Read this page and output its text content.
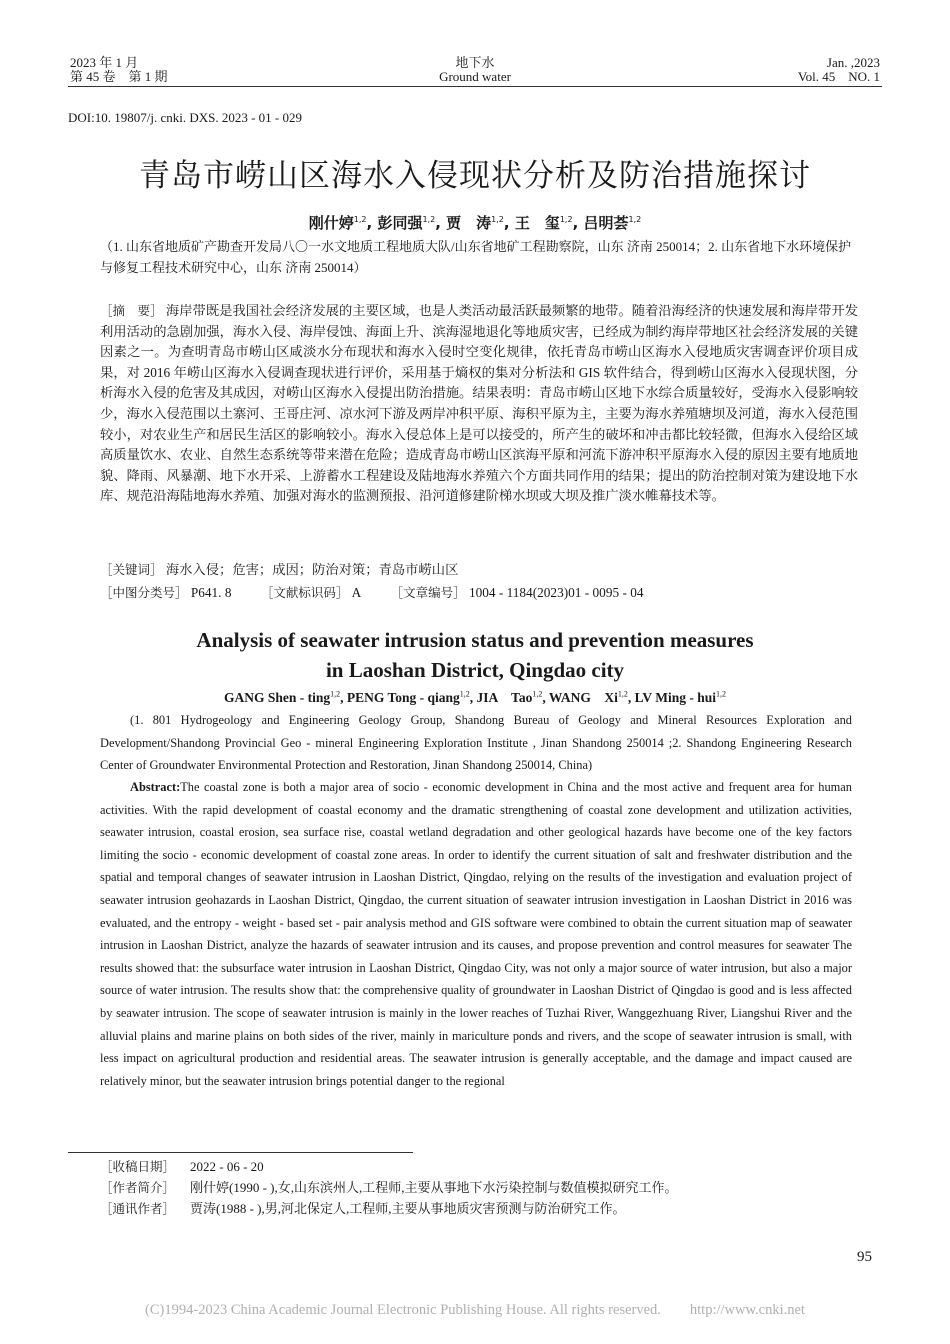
2023 年 1 月
第 45 卷　第 1 期
地下水
Ground water
Jan. ,2023
Vol. 45　NO. 1
DOI:10. 19807/j. cnki. DXS. 2023 - 01 - 029
青岛市崂山区海水入侵现状分析及防治措施探讨
刚什婷$^{1,2}$, 彭同强$^{1,2}$, 贾　涛$^{1,2}$, 王　玺$^{1,2}$, 吕明荟$^{1,2}$
（1. 山东省地质矿产勘查开发局八〇一水文地质工程地质大队/山东省地矿工程勘察院，山东 济南 250014；2. 山东省地下水环境保护与修复工程技术研究中心，山东 济南 250014）
［摘　要］ 海岸带既是我国社会经济发展的主要区域，也是人类活动最活跃最频繁的地带。随着沿海经济的快速发展和海岸带开发利用活动的急剧加强，海水入侵、海岸侵蚀、海面上升、滨海湿地退化等地质灾害，已经成为制约海岸带地区社会经济发展的关键因素之一。为查明青岛市崂山区咸淡水分布现状和海水入侵时空变化规律，依托青岛市崂山区海水入侵地质灾害调查评价项目成果，对 2016 年崂山区海水入侵调查现状进行评价，采用基于熵权的集对分析法和 GIS 软件结合，得到崂山区海水入侵现状图，分析海水入侵的危害及其成因，对崂山区海水入侵提出防治措施。结果表明：青岛市崂山区地下水综合质量较好，受海水入侵影响较少，海水入侵范围以土寨河、王哥庄河、凉水河下游及两岸冲积平原、海积平原为主，主要为海水养殖塘坝及河道，海水入侵范围较小，对农业生产和居民生活区的影响较小。海水入侵总体上是可以接受的，所产生的破坏和冲击都比较轻微，但海水入侵给区域高质量饮水、农业、自然生态系统等带来潜在危险；造成青岛市崂山区滨海平原和河流下游冲积平原海水入侵的原因主要有地质地貌、降雨、风暴潮、地下水开采、上游蓄水工程建设及陆地海水养殖六个方面共同作用的结果；提出的防治控制对策为建设地下水库、规范沿海陆地海水养殖、加强对海水的监测预报、沿河道修建阶梯水坝或大坝及推广淡水帷幕技术等。
［关键词］ 海水入侵；危害；成因；防治对策；青岛市崂山区
［中图分类号］ P641. 8 ［文献标识码］ A ［文章编号］ 1004 - 1184(2023)01 - 0095 - 04
Analysis of seawater intrusion status and prevention measures
in Laoshan District, Qingdao city
GANG Shen - ting$^{1,2}$, PENG Tong - qiang$^{1,2}$, JIA　Tao$^{1,2}$, WANG　Xi$^{1,2}$, LV Ming - hui$^{1,2}$
(1. 801 Hydrogeology and Engineering Geology Group, Shandong Bureau of Geology and Mineral Resources Exploration and Development/Shandong Provincial Geo - mineral Engineering Exploration Institute , Jinan Shandong 250014 ;2. Shandong Engineering Research Center of Groundwater Environmental Protection and Restoration, Jinan Shandong 250014, China)
Abstract:The coastal zone is both a major area of socio - economic development in China and the most active and frequent area for human activities. With the rapid development of coastal economy and the dramatic strengthening of coastal zone development and utilization activities, seawater intrusion, coastal erosion, sea surface rise, coastal wetland degradation and other geological hazards have become one of the key factors limiting the socio - economic development of coastal zone areas. In order to identify the current situation of salt and freshwater distribution and the spatial and temporal changes of seawater intrusion in Laoshan District, Qingdao, relying on the results of the investigation and evaluation project of seawater intrusion geohazards in Laoshan District, Qingdao, the current situation of seawater intrusion investigation in Laoshan District in 2016 was evaluated, and the entropy - weight - based set - pair analysis method and GIS software were combined to obtain the current situation map of seawater intrusion in Laoshan District, analyze the hazards of seawater intrusion and its causes, and propose prevention and control measures for seawater The results showed that: the subsurface water intrusion in Laoshan District, Qingdao City, was not only a major source of water intrusion, but also a major source of water intrusion. The results show that: the comprehensive quality of groundwater in Laoshan District of Qingdao is good and is less affected by seawater intrusion. The scope of seawater intrusion is mainly in the lower reaches of Tuzhai River, Wanggezhuang River, Liangshui River and the alluvial plains and marine plains on both sides of the river, mainly in mariculture ponds and rivers, and the scope of seawater intrusion is small, with less impact on agricultural production and residential areas. The seawater intrusion is generally acceptable, and the damage and impact caused are relatively minor, but the seawater intrusion brings potential danger to the regional
［收稿日期］ 2022 - 06 - 20
［作者简介］ 刚什婷(1990 - ),女,山东滨州人,工程师,主要从事地下水污染控制与数值模拟研究工作。
［通讯作者］ 贾涛(1988 - ),男,河北保定人,工程师,主要从事地质灾害预测与防治研究工作。
95
(C)1994-2023 China Academic Journal Electronic Publishing House. All rights reserved.　　http://www.cnki.net
